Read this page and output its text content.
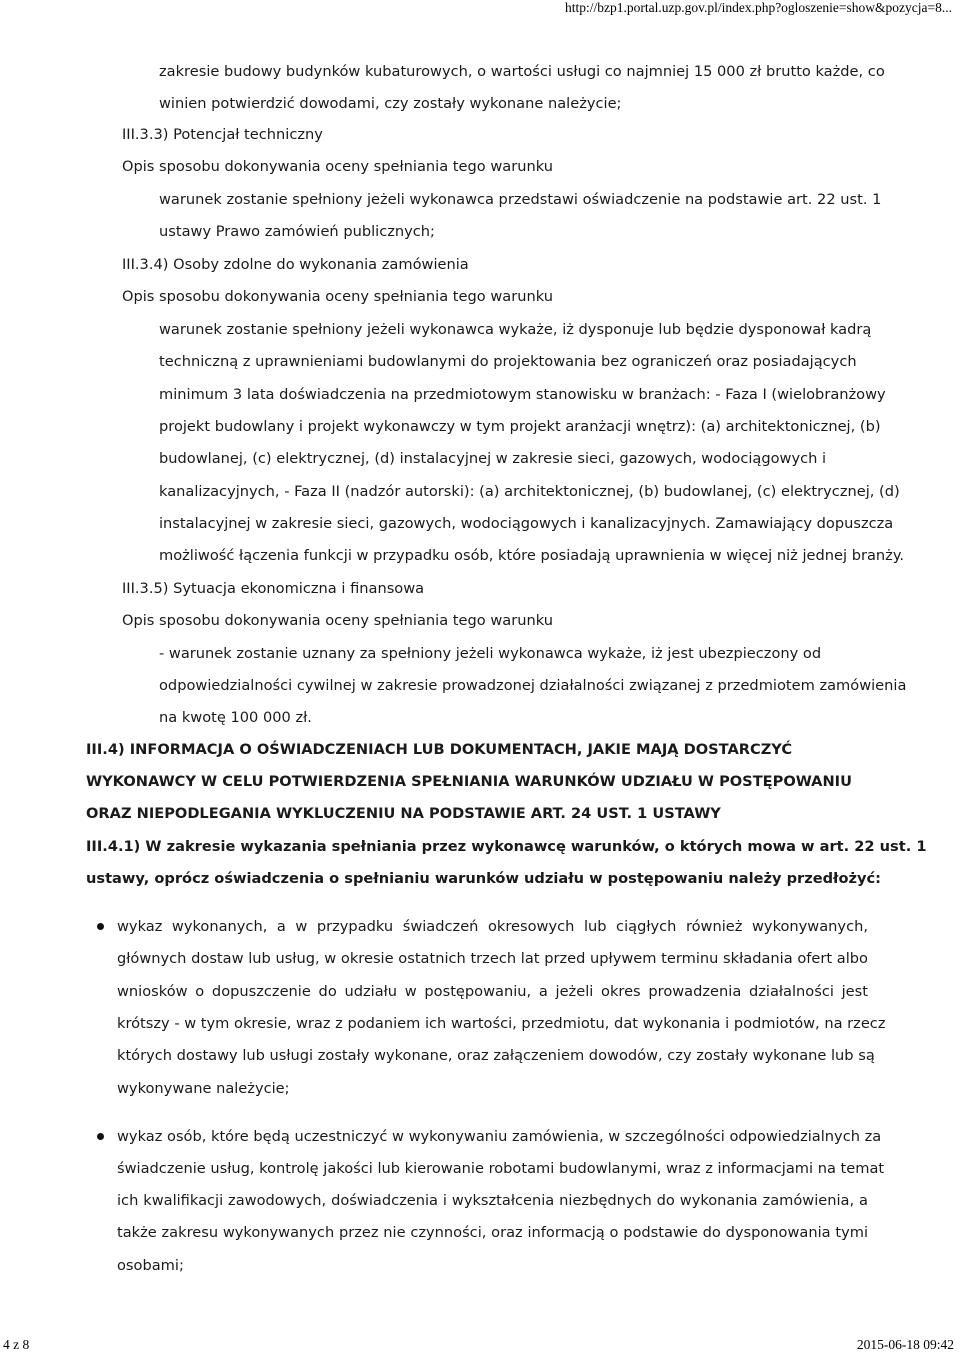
http://bzp1.portal.uzp.gov.pl/index.php?ogloszenie=show&pozycja=8...
zakresie budowy budynków kubaturowych, o wartości usługi co najmniej 15 000 zł brutto każde, co
winien potwierdzić dowodami, czy zostały wykonane należycie;
III.3.3) Potencjał techniczny
Opis sposobu dokonywania oceny spełniania tego warunku
warunek zostanie spełniony jeżeli wykonawca przedstawi oświadczenie na podstawie art. 22 ust. 1
ustawy Prawo zamówień publicznych;
III.3.4) Osoby zdolne do wykonania zamówienia
Opis sposobu dokonywania oceny spełniania tego warunku
warunek zostanie spełniony jeżeli wykonawca wykaże, iż dysponuje lub będzie dysponował kadrą
techniczną z uprawnieniami budowlanymi do projektowania bez ograniczeń oraz posiadających
minimum 3 lata doświadczenia na przedmiotowym stanowisku w branżach: - Faza I (wielobranżowy
projekt budowlany i projekt wykonawczy w tym projekt aranżacji wnętrz): (a) architektonicznej, (b)
budowlanej, (c) elektrycznej, (d) instalacyjnej w zakresie sieci, gazowych, wodociągowych i
kanalizacyjnych, - Faza II (nadzór autorski): (a) architektonicznej, (b) budowlanej, (c) elektrycznej, (d)
instalacyjnej w zakresie sieci, gazowych, wodociągowych i kanalizacyjnych. Zamawiający dopuszcza
możliwość łączenia funkcji w przypadku osób, które posiadają uprawnienia w więcej niż jednej branży.
III.3.5) Sytuacja ekonomiczna i finansowa
Opis sposobu dokonywania oceny spełniania tego warunku
- warunek zostanie uznany za spełniony jeżeli wykonawca wykaże, iż jest ubezpieczony od
odpowiedzialności cywilnej w zakresie prowadzonej działalności związanej z przedmiotem zamówienia
na kwotę 100 000 zł.
III.4) INFORMACJA O OŚWIADCZENIACH LUB DOKUMENTACH, JAKIE MAJĄ DOSTARCZYĆ
WYKONAWCY W CELU POTWIERDZENIA SPEŁNIANIA WARUNKÓW UDZIAŁU W POSTĘPOWANIU
ORAZ NIEPODLEGANIA WYKLUCZENIU NA PODSTAWIE ART. 24 UST. 1 USTAWY
III.4.1) W zakresie wykazania spełniania przez wykonawcę warunków, o których mowa w art. 22 ust. 1
ustawy, oprócz oświadczenia o spełnianiu warunków udziału w postępowaniu należy przedłożyć:
wykaz wykonanych, a w przypadku świadczeń okresowych lub ciągłych również wykonywanych,
głównych dostaw lub usług, w okresie ostatnich trzech lat przed upływem terminu składania ofert albo
wniosków o dopuszczenie do udziału w postępowaniu, a jeżeli okres prowadzenia działalności jest
krótszy - w tym okresie, wraz z podaniem ich wartości, przedmiotu, dat wykonania i podmiotów, na rzecz
których dostawy lub usługi zostały wykonane, oraz załączeniem dowodów, czy zostały wykonane lub są
wykonywane należycie;
wykaz osób, które będą uczestniczyć w wykonywaniu zamówienia, w szczególności odpowiedzialnych za
świadczenie usług, kontrolę jakości lub kierowanie robotami budowlanymi, wraz z informacjami na temat
ich kwalifikacji zawodowych, doświadczenia i wykształcenia niezbędnych do wykonania zamówienia, a
także zakresu wykonywanych przez nie czynności, oraz informacją o podstawie do dysponowania tymi
osobami;
4 z 8	2015-06-18 09:42
